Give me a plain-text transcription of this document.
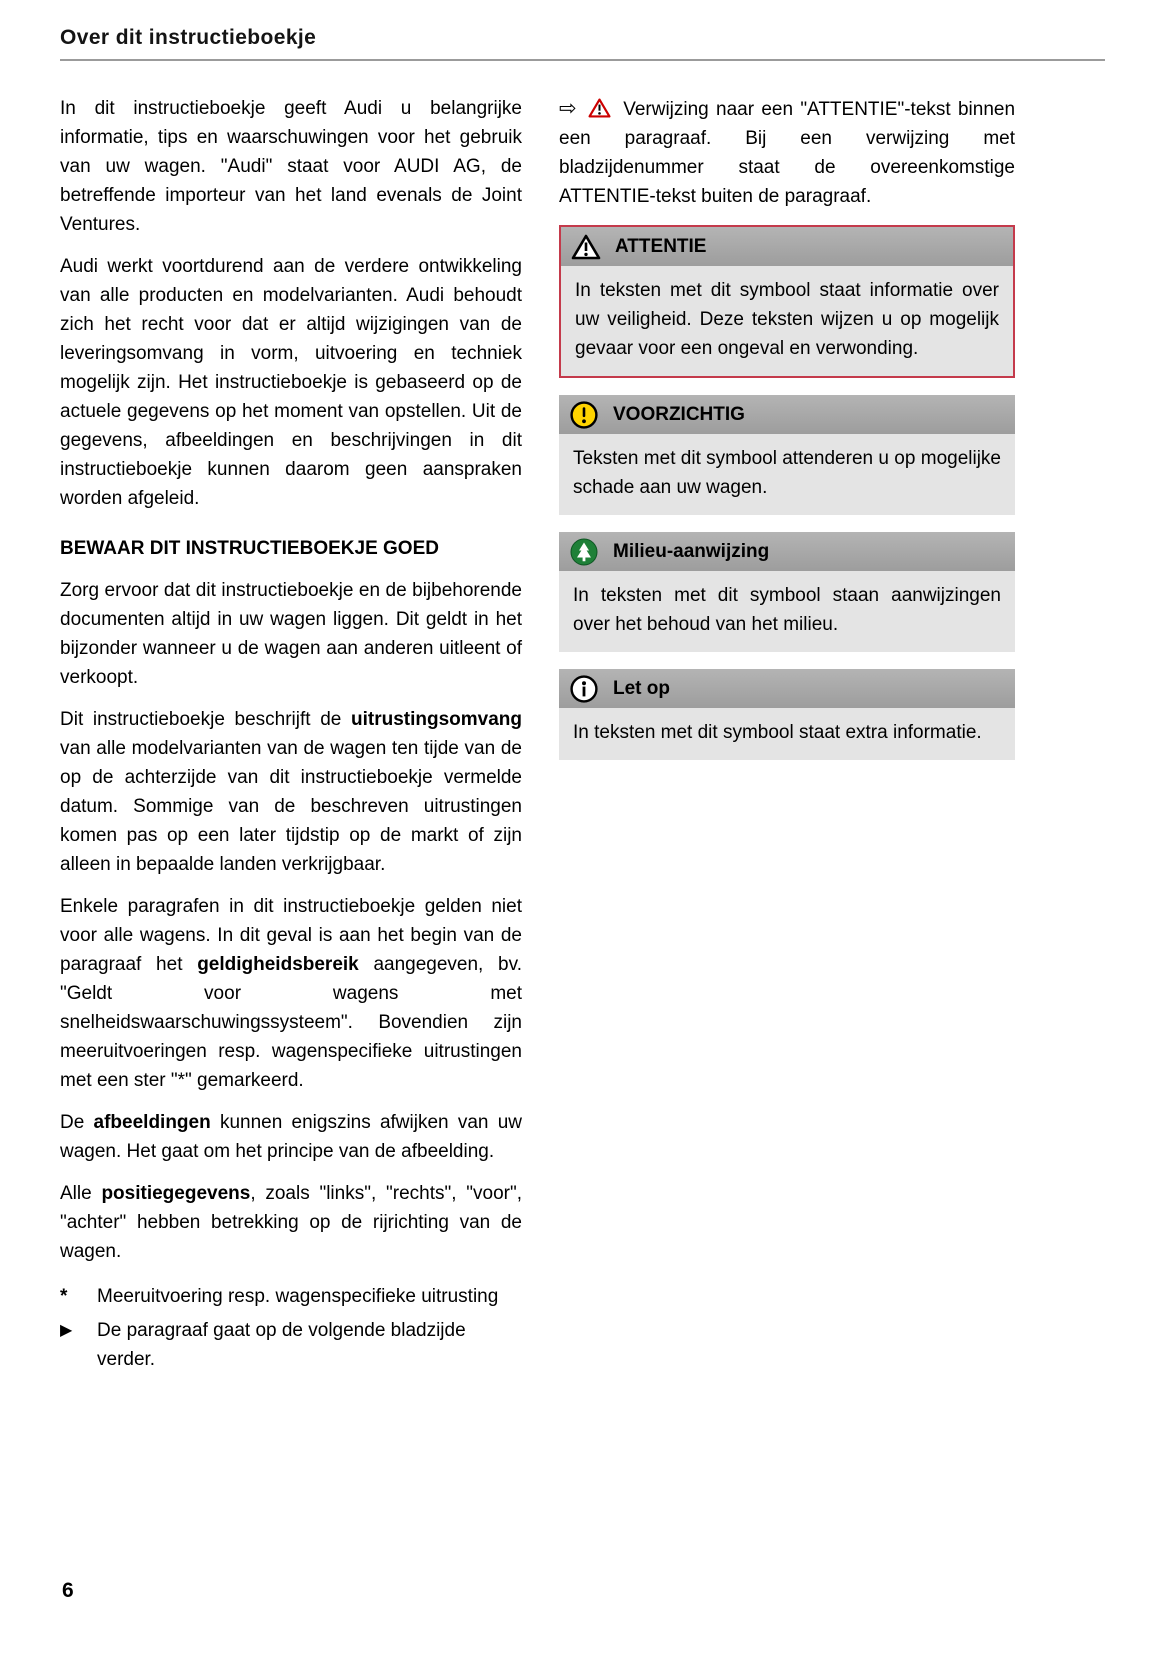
Over dit instructieboekje

In dit instructieboekje geeft Audi u belangrijke informatie, tips en waarschuwingen voor het gebruik van uw wagen. "Audi" staat voor AUDI AG, de betreffende importeur van het land evenals de Joint Ventures.

Audi werkt voortdurend aan de verdere ontwikkeling van alle producten en modelvarianten. Audi behoudt zich het recht voor dat er altijd wijzigingen van de leveringsomvang in vorm, uitvoering en techniek mogelijk zijn. Het instructieboekje is gebaseerd op de actuele gegevens op het moment van opstellen. Uit de gegevens, afbeeldingen en beschrijvingen in dit instructieboekje kunnen daarom geen aanspraken worden afgeleid.

BEWAAR DIT INSTRUCTIEBOEKJE GOED

Zorg ervoor dat dit instructieboekje en de bijbehorende documenten altijd in uw wagen liggen. Dit geldt in het bijzonder wanneer u de wagen aan anderen uitleent of verkoopt.

Dit instructieboekje beschrijft de uitrustingsomvang van alle modelvarianten van de wagen ten tijde van de op de achterzijde van dit instructieboekje vermelde datum. Sommige van de beschreven uitrustingen komen pas op een later tijdstip op de markt of zijn alleen in bepaalde landen verkrijgbaar.

Enkele paragrafen in dit instructieboekje gelden niet voor alle wagens. In dit geval is aan het begin van de paragraaf het geldigheidsbereik aangegeven, bv. "Geldt voor wagens met snelheidswaarschuwingssysteem". Bovendien zijn meeruitvoeringen resp. wagenspecifieke uitrustingen met een ster "*" gemarkeerd.

De afbeeldingen kunnen enigszins afwijken van uw wagen. Het gaat om het principe van de afbeelding.

Alle positiegegevens, zoals "links", "rechts", "voor", "achter" hebben betrekking op de rijrichting van de wagen.

*	Meeruitvoering resp. wagenspecifieke uitrusting
▶	De paragraaf gaat op de volgende bladzijde verder.

⇨ Verwijzing naar een "ATTENTIE"-tekst binnen een paragraaf. Bij een verwijzing met bladzijdenummer staat de overeenkomstige ATTENTIE-tekst buiten de paragraaf.

ATTENTIE
In teksten met dit symbool staat informatie over uw veiligheid. Deze teksten wijzen u op mogelijk gevaar voor een ongeval en verwonding.
VOORZICHTIG
Teksten met dit symbool attenderen u op mogelijke schade aan uw wagen.
Milieu-aanwijzing
In teksten met dit symbool staan aanwijzingen over het behoud van het milieu.
Let op
In teksten met dit symbool staat extra informatie.
6
